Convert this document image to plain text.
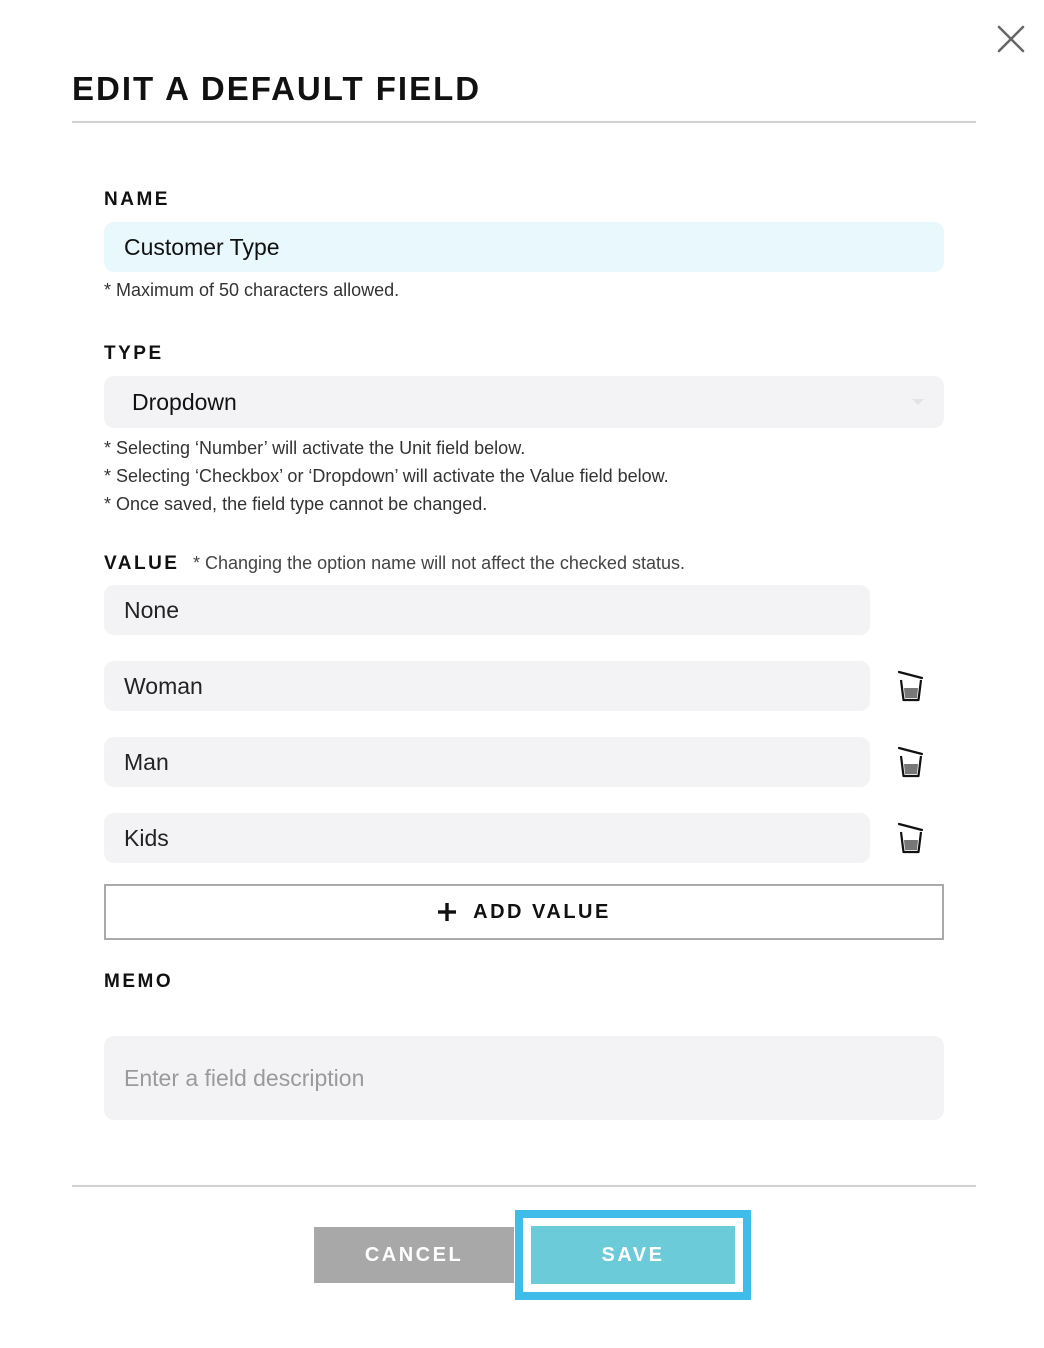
EDIT A DEFAULT FIELD
NAME
Customer Type

* Maximum of 50 characters allowed.

TYPE
Dropdown

* Selecting ‘Number’ will activate the Unit field below.

* Selecting ‘Checkbox’ or ‘Dropdown’ will activate the Value field below.

* Once saved, the field type cannot be changed.

VALUE * Changing the option name will not affect the checked status.
None
Woman
Man
Kids
ADD VALUE
MEMO
Enter a field description
CANCEL	SAVE
